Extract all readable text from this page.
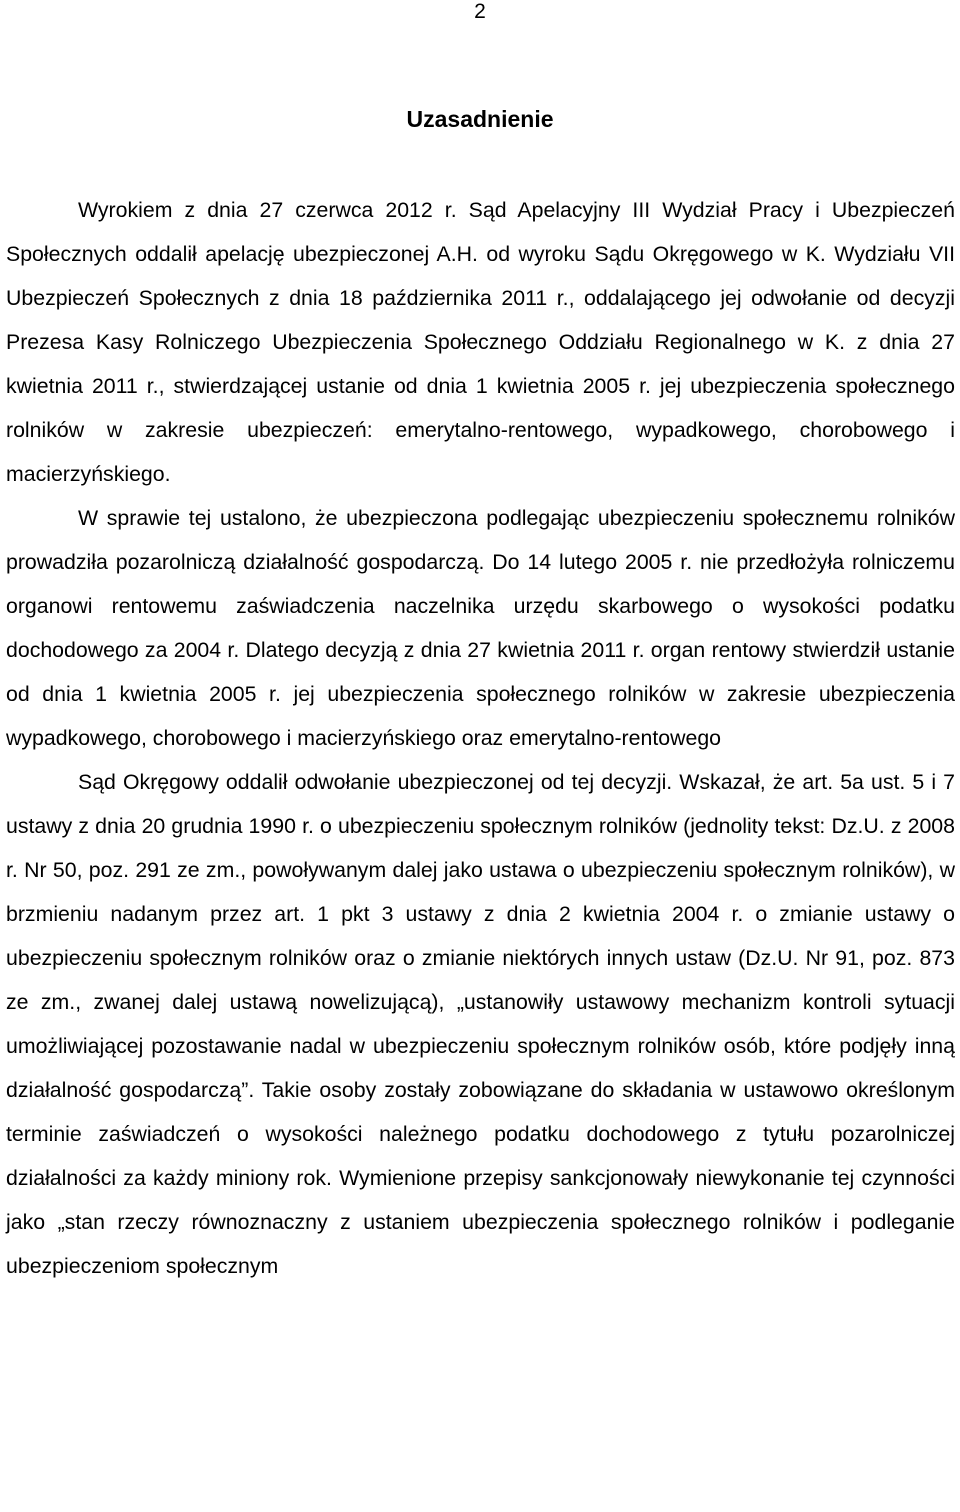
2
Uzasadnienie

Wyrokiem z dnia 27 czerwca 2012 r. Sąd Apelacyjny III Wydział Pracy i Ubezpieczeń Społecznych oddalił apelację ubezpieczonej A.H. od wyroku Sądu Okręgowego w K. Wydziału VII Ubezpieczeń Społecznych z dnia 18 października 2011 r., oddalającego jej odwołanie od decyzji Prezesa Kasy Rolniczego Ubezpieczenia Społecznego Oddziału Regionalnego w K. z dnia 27 kwietnia 2011 r., stwierdzającej ustanie od dnia 1 kwietnia 2005 r. jej ubezpieczenia społecznego rolników w zakresie ubezpieczeń: emerytalno-rentowego, wypadkowego, chorobowego i macierzyńskiego.

W sprawie tej ustalono, że ubezpieczona podlegając ubezpieczeniu społecznemu rolników prowadziła pozarolniczą działalność gospodarczą. Do 14 lutego 2005 r. nie przedłożyła rolniczemu organowi rentowemu zaświadczenia naczelnika urzędu skarbowego o wysokości podatku dochodowego za 2004 r. Dlatego decyzją z dnia 27 kwietnia 2011 r. organ rentowy stwierdził ustanie od dnia 1 kwietnia 2005 r. jej ubezpieczenia społecznego rolników w zakresie ubezpieczenia wypadkowego, chorobowego i macierzyńskiego oraz emerytalno-rentowego

Sąd Okręgowy oddalił odwołanie ubezpieczonej od tej decyzji. Wskazał, że art. 5a ust. 5 i 7 ustawy z dnia 20 grudnia 1990 r. o ubezpieczeniu społecznym rolników (jednolity tekst: Dz.U. z 2008 r. Nr 50, poz. 291 ze zm., powoływanym dalej jako ustawa o ubezpieczeniu społecznym rolników), w brzmieniu nadanym przez art. 1 pkt 3 ustawy z dnia 2 kwietnia 2004 r. o zmianie ustawy o ubezpieczeniu społecznym rolników oraz o zmianie niektórych innych ustaw (Dz.U. Nr 91, poz. 873 ze zm., zwanej dalej ustawą nowelizującą), „ustanowiły ustawowy mechanizm kontroli sytuacji umożliwiającej pozostawanie nadal w ubezpieczeniu społecznym rolników osób, które podjęły inną działalność gospodarczą”. Takie osoby zostały zobowiązane do składania w ustawowo określonym terminie zaświadczeń o wysokości należnego podatku dochodowego z tytułu pozarolniczej działalności za każdy miniony rok. Wymienione przepisy sankcjonowały niewykonanie tej czynności jako „stan rzeczy równoznaczny z ustaniem ubezpieczenia społecznego rolników i podleganie ubezpieczeniom społecznym
